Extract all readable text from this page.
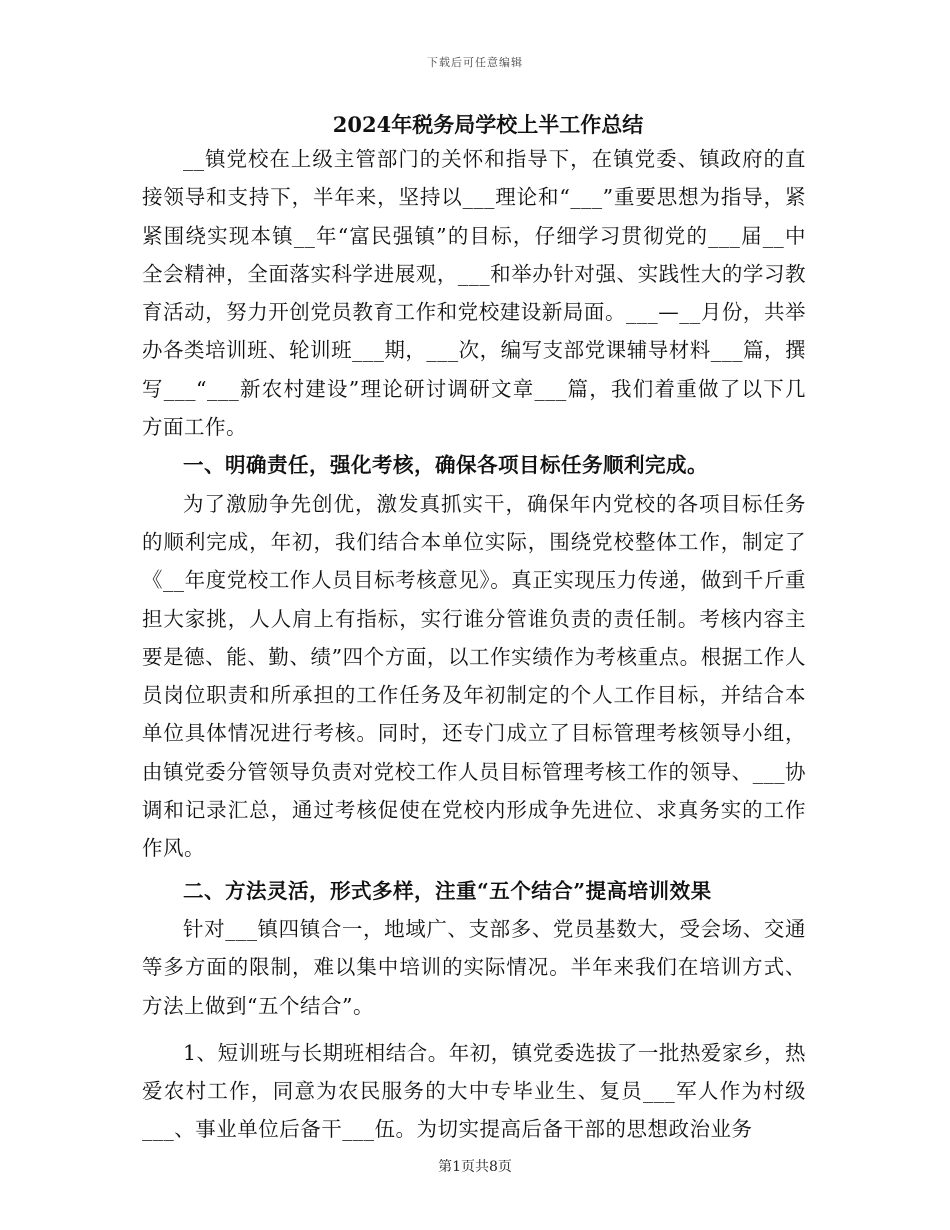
下载后可任意编辑
2024年税务局学校上半工作总结

__镇党校在上级主管部门的关怀和指导下，在镇党委、镇政府的直接领导和支持下，半年来，坚持以___理论和“___”重要思想为指导，紧紧围绕实现本镇__年“富民强镇”的目标，仔细学习贯彻党的___届__中全会精神，全面落实科学进展观，___和举办针对强、实践性大的学习教育活动，努力开创党员教育工作和党校建设新局面。___—__月份，共举办各类培训班、轮训班___期，___次，编写支部党课辅导材料___篇，撰写___“___新农村建设”理论研讨调研文章___篇，我们着重做了以下几方面工作。

一、明确责任，强化考核，确保各项目标任务顺利完成。

为了激励争先创优，激发真抓实干，确保年内党校的各项目标任务的顺利完成，年初，我们结合本单位实际，围绕党校整体工作，制定了《__年度党校工作人员目标考核意见》。真正实现压力传递，做到千斤重担大家挑，人人肩上有指标，实行谁分管谁负责的责任制。考核内容主要是德、能、勤、绩”四个方面，以工作实绩作为考核重点。根据工作人员岗位职责和所承担的工作任务及年初制定的个人工作目标，并结合本单位具体情况进行考核。同时，还专门成立了目标管理考核领导小组，由镇党委分管领导负责对党校工作人员目标管理考核工作的领导、___协调和记录汇总，通过考核促使在党校内形成争先进位、求真务实的工作作风。

二、方法灵活，形式多样，注重“五个结合”提高培训效果

针对___镇四镇合一，地域广、支部多、党员基数大，受会场、交通等多方面的限制，难以集中培训的实际情况。半年来我们在培训方式、方法上做到“五个结合”。

1、短训班与长期班相结合。年初，镇党委选拔了一批热爱家乡，热爱农村工作，同意为农民服务的大中专毕业生、复员___军人作为村级___、事业单位后备干___伍。为切实提高后备干部的思想政治业务

第1页共8页
